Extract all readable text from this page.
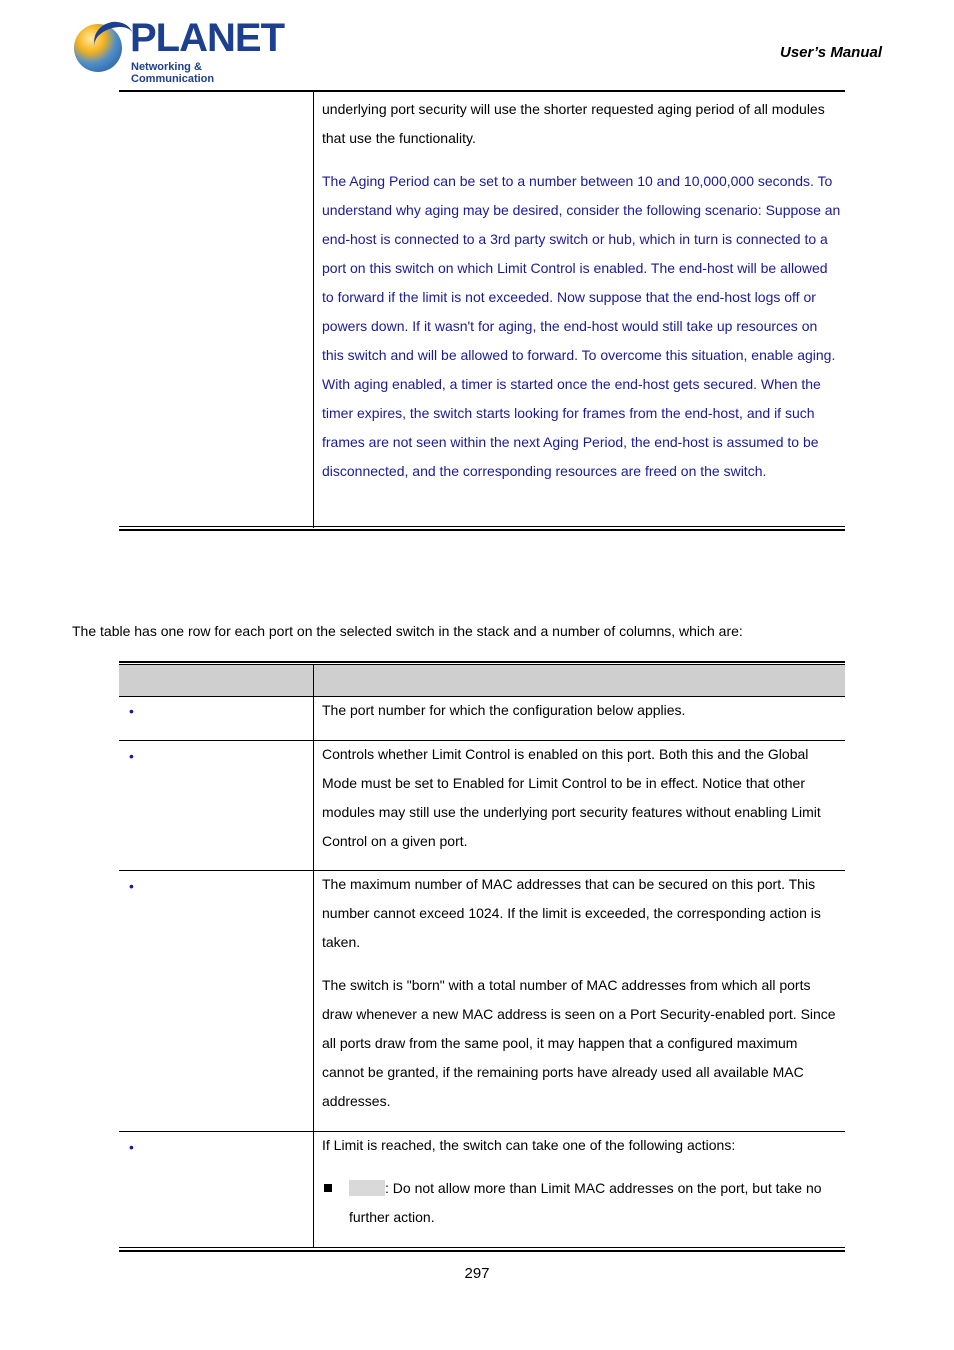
PLANET
Networking & Communication
User’s Manual

underlying port security will use the shorter requested aging period of all modules that use the functionality.

The Aging Period can be set to a number between 10 and 10,000,000 seconds. To understand why aging may be desired, consider the following scenario: Suppose an end-host is connected to a 3rd party switch or hub, which in turn is connected to a port on this switch on which Limit Control is enabled. The end-host will be allowed to forward if the limit is not exceeded. Now suppose that the end-host logs off or powers down. If it wasn't for aging, the end-host would still take up resources on this switch and will be allowed to forward. To overcome this situation, enable aging. With aging enabled, a timer is started once the end-host gets secured. When the timer expires, the switch starts looking for frames from the end-host, and if such frames are not seen within the next Aging Period, the end-host is assumed to be disconnected, and the corresponding resources are freed on the switch.

The table has one row for each port on the selected switch in the stack and a number of columns, which are:
•	The port number for which the configuration below applies.

•	Controls whether Limit Control is enabled on this port. Both this and the Global Mode must be set to Enabled for Limit Control to be in effect. Notice that other modules may still use the underlying port security features without enabling Limit Control on a given port.

•	The maximum number of MAC addresses that can be secured on this port. This number cannot exceed 1024. If the limit is exceeded, the corresponding action is taken.

The switch is "born" with a total number of MAC addresses from which all ports draw whenever a new MAC address is seen on a Port Security-enabled port. Since all ports draw from the same pool, it may happen that a configured maximum cannot be granted, if the remaining ports have already used all available MAC addresses.

•	If Limit is reached, the switch can take one of the following actions:

: Do not allow more than Limit MAC addresses on the port, but take no further action.

297
